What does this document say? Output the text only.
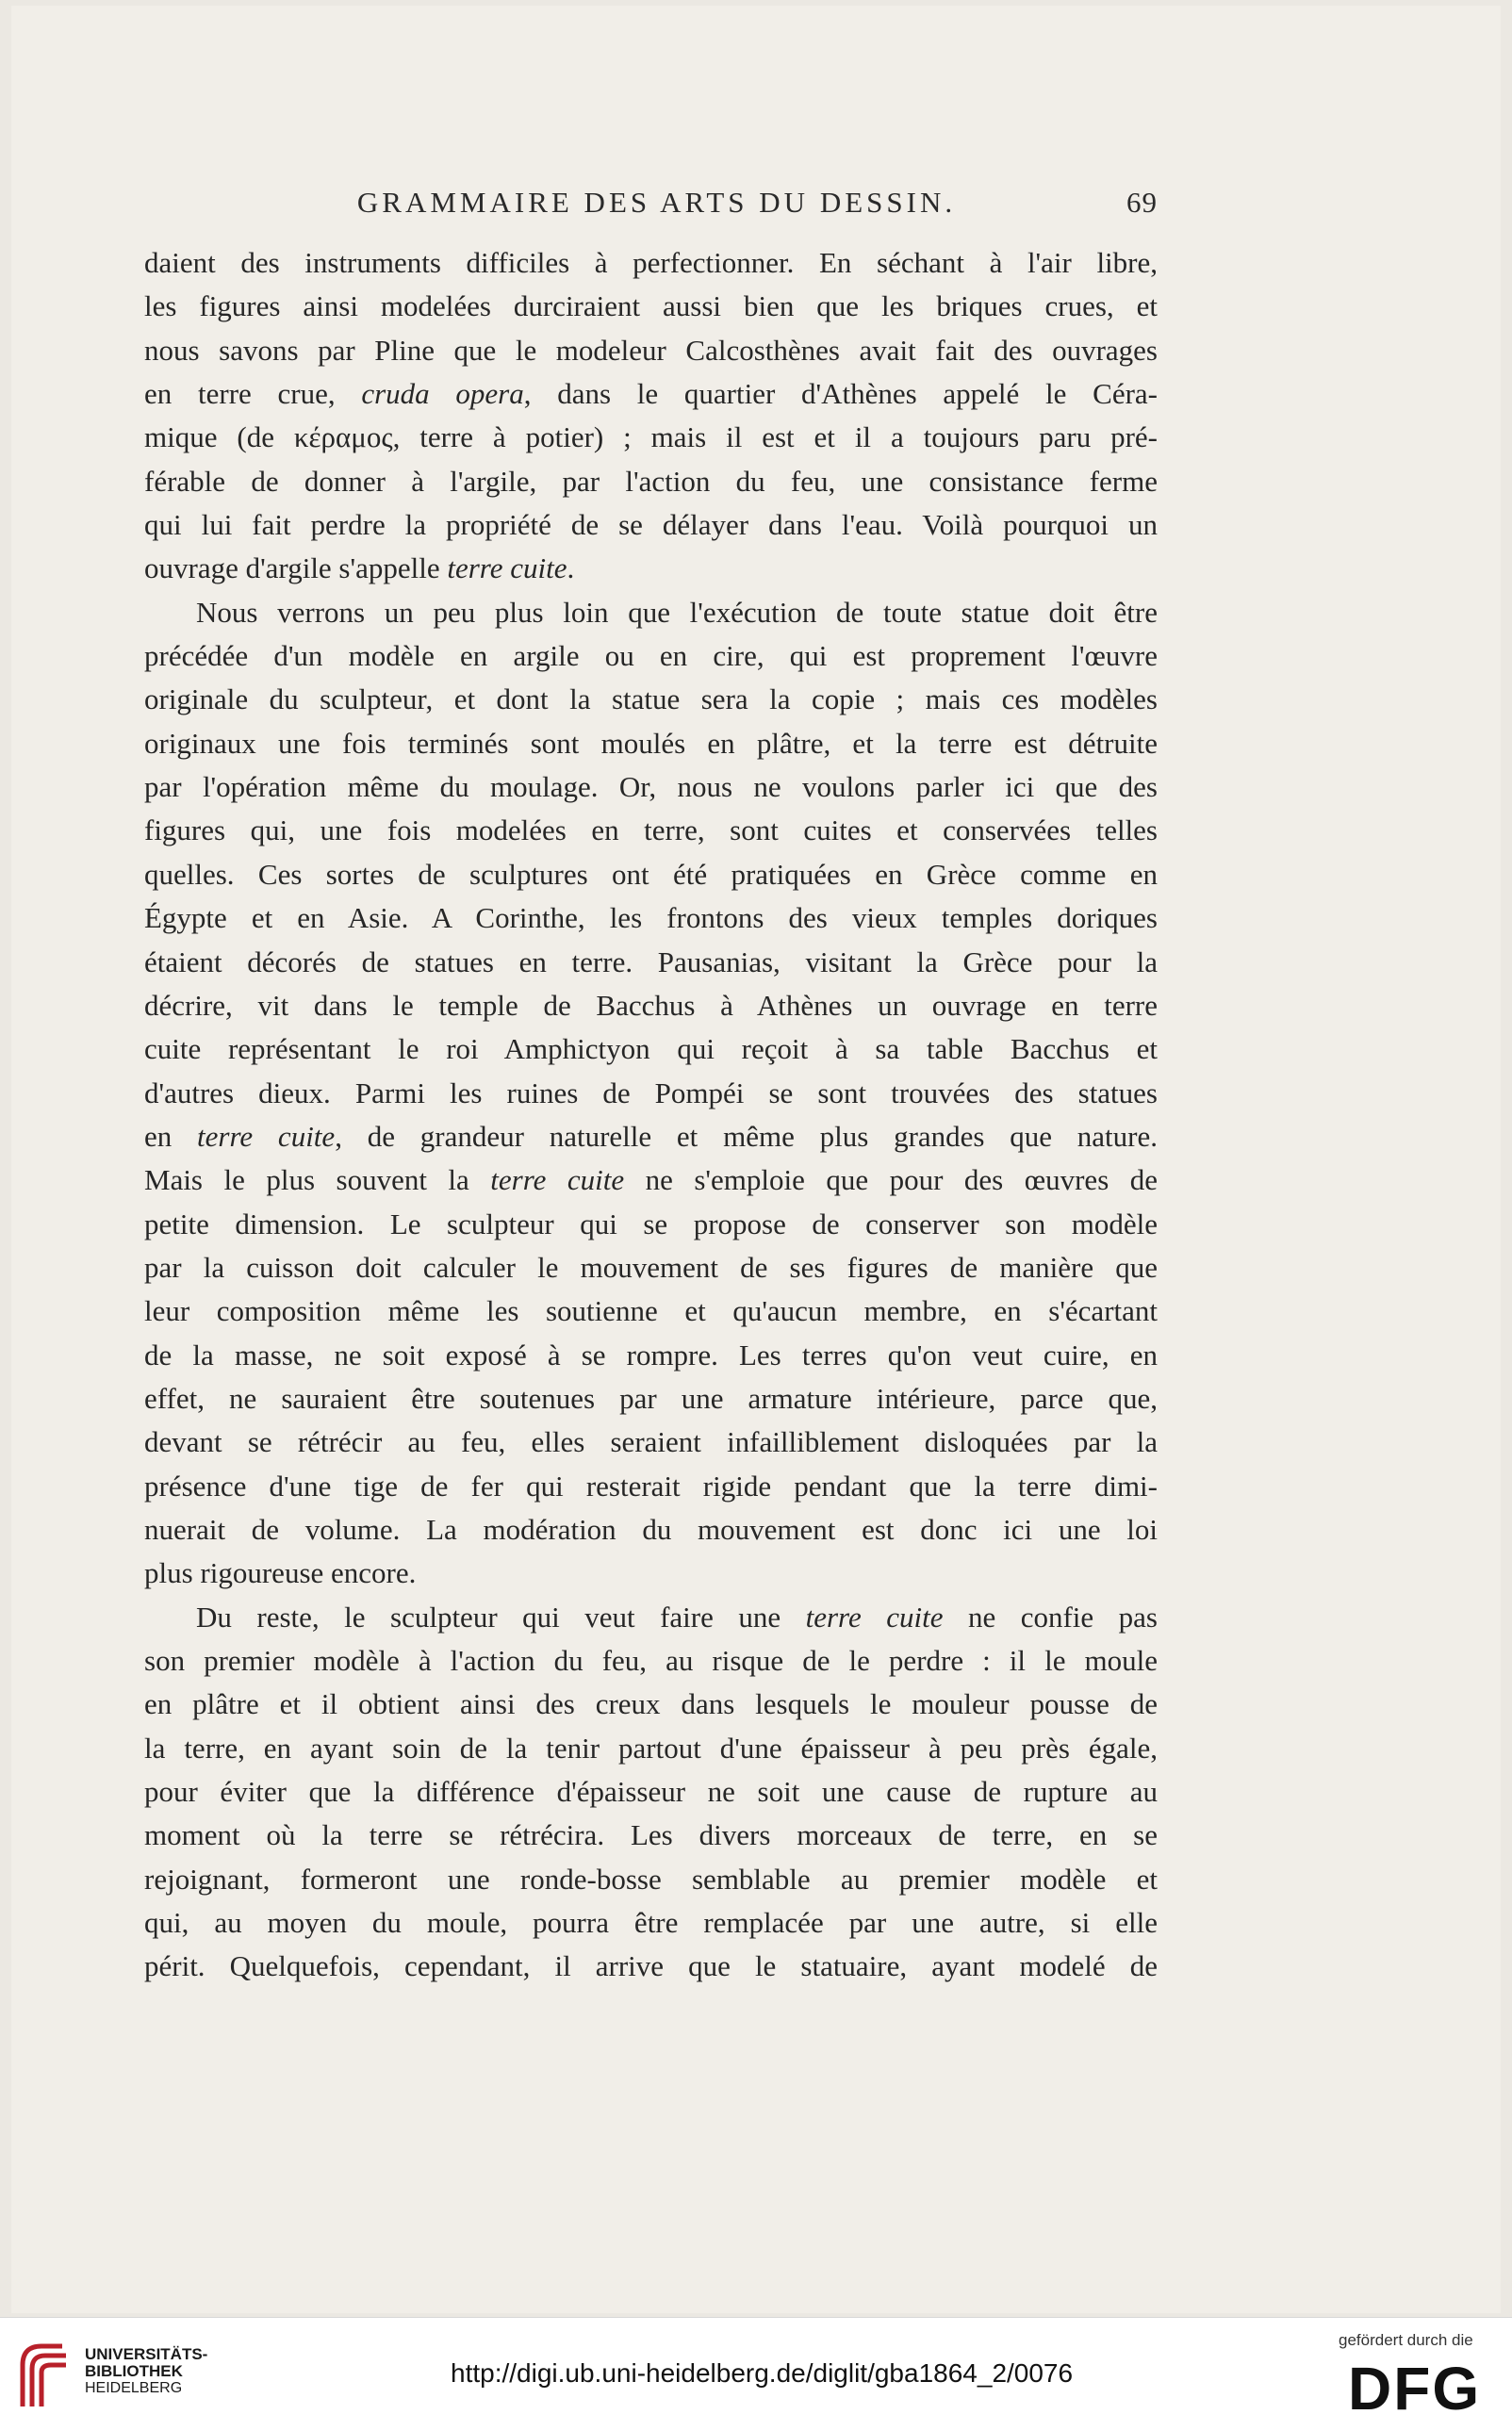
GRAMMAIRE DES ARTS DU DESSIN.	69
daient des instruments difficiles à perfectionner. En séchant à l'air libre,
les figures ainsi modelées durciraient aussi bien que les briques crues, et
nous savons par Pline que le modeleur Calcosthènes avait fait des ouvrages
en terre crue, cruda opera, dans le quartier d'Athènes appelé le Céra-
mique (de κέραμος, terre à potier) ; mais il est et il a toujours paru pré-
férable de donner à l'argile, par l'action du feu, une consistance ferme
qui lui fait perdre la propriété de se délayer dans l'eau. Voilà pourquoi un
ouvrage d'argile s'appelle terre cuite.
Nous verrons un peu plus loin que l'exécution de toute statue doit être
précédée d'un modèle en argile ou en cire, qui est proprement l'œuvre
originale du sculpteur, et dont la statue sera la copie ; mais ces modèles
originaux une fois terminés sont moulés en plâtre, et la terre est détruite
par l'opération même du moulage. Or, nous ne voulons parler ici que des
figures qui, une fois modelées en terre, sont cuites et conservées telles
quelles. Ces sortes de sculptures ont été pratiquées en Grèce comme en
Égypte et en Asie. A Corinthe, les frontons des vieux temples doriques
étaient décorés de statues en terre. Pausanias, visitant la Grèce pour la
décrire, vit dans le temple de Bacchus à Athènes un ouvrage en terre
cuite représentant le roi Amphictyon qui reçoit à sa table Bacchus et
d'autres dieux. Parmi les ruines de Pompéi se sont trouvées des statues
en terre cuite, de grandeur naturelle et même plus grandes que nature.
Mais le plus souvent la terre cuite ne s'emploie que pour des œuvres de
petite dimension. Le sculpteur qui se propose de conserver son modèle
par la cuisson doit calculer le mouvement de ses figures de manière que
leur composition même les soutienne et qu'aucun membre, en s'écartant
de la masse, ne soit exposé à se rompre. Les terres qu'on veut cuire, en
effet, ne sauraient être soutenues par une armature intérieure, parce que,
devant se rétrécir au feu, elles seraient infailliblement disloquées par la
présence d'une tige de fer qui resterait rigide pendant que la terre dimi-
nuerait de volume. La modération du mouvement est donc ici une loi
plus rigoureuse encore.
Du reste, le sculpteur qui veut faire une terre cuite ne confie pas
son premier modèle à l'action du feu, au risque de le perdre : il le moule
en plâtre et il obtient ainsi des creux dans lesquels le mouleur pousse de
la terre, en ayant soin de la tenir partout d'une épaisseur à peu près égale,
pour éviter que la différence d'épaisseur ne soit une cause de rupture au
moment où la terre se rétrécira. Les divers morceaux de terre, en se
rejoignant, formeront une ronde-bosse semblable au premier modèle et
qui, au moyen du moule, pourra être remplacée par une autre, si elle
périt. Quelquefois, cependant, il arrive que le statuaire, ayant modelé de
UNIVERSITÄTS-
BIBLIOTHEK
HEIDELBERG
http://digi.ub.uni-heidelberg.de/diglit/gba1864_2/0076
gefördert durch die
DFG
